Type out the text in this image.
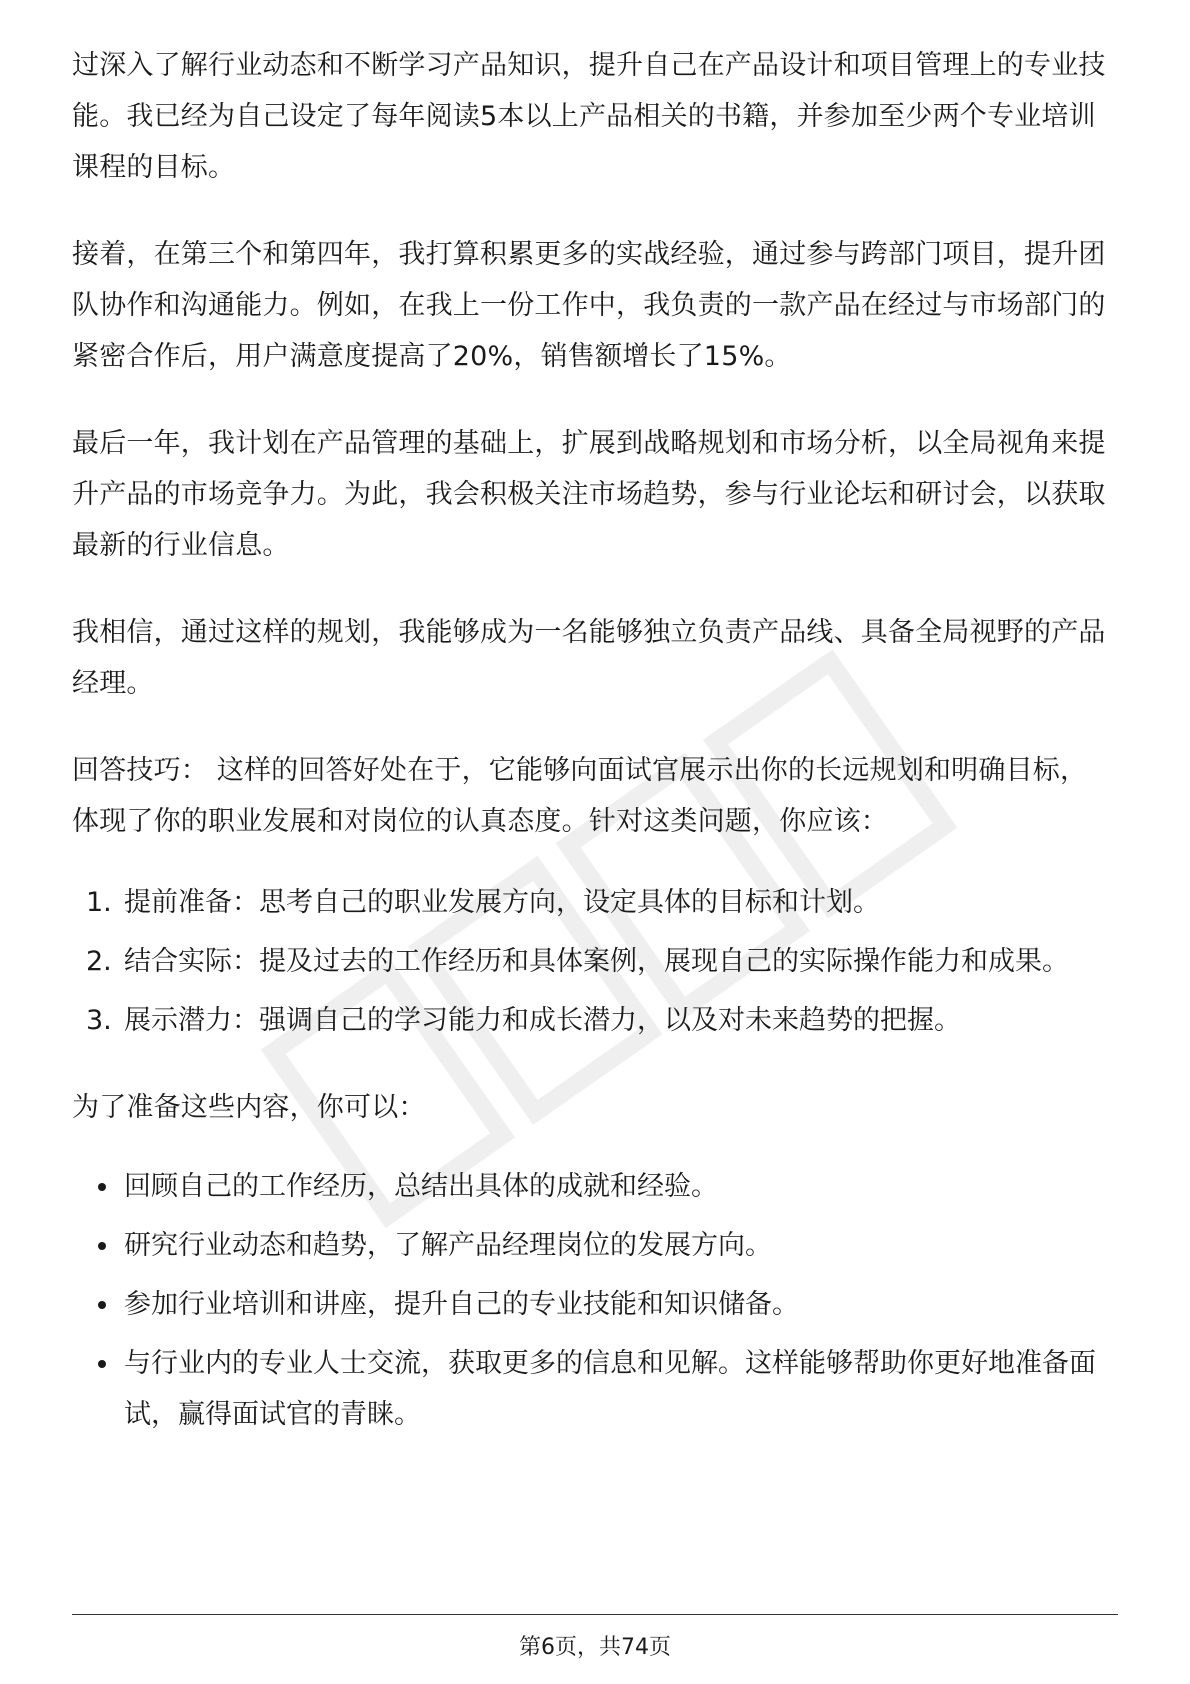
过深入了解行业动态和不断学习产品知识，提升自己在产品设计和项目管理上的专业技能。我已经为自己设定了每年阅读5本以上产品相关的书籍，并参加至少两个专业培训课程的目标。

接着，在第三个和第四年，我打算积累更多的实战经验，通过参与跨部门项目，提升团队协作和沟通能力。例如，在我上一份工作中，我负责的一款产品在经过与市场部门的紧密合作后，用户满意度提高了20%，销售额增长了15%。

最后一年，我计划在产品管理的基础上，扩展到战略规划和市场分析，以全局视角来提升产品的市场竞争力。为此，我会积极关注市场趋势，参与行业论坛和研讨会，以获取最新的行业信息。

我相信，通过这样的规划，我能够成为一名能够独立负责产品线、具备全局视野的产品经理。

回答技巧： 这样的回答好处在于，它能够向面试官展示出你的长远规划和明确目标，体现了你的职业发展和对岗位的认真态度。针对这类问题，你应该：

1. 提前准备：思考自己的职业发展方向，设定具体的目标和计划。
2. 结合实际：提及过去的工作经历和具体案例，展现自己的实际操作能力和成果。
3. 展示潜力：强调自己的学习能力和成长潜力，以及对未来趋势的把握。

为了准备这些内容，你可以：

回顾自己的工作经历，总结出具体的成就和经验。
研究行业动态和趋势，了解产品经理岗位的发展方向。
参加行业培训和讲座，提升自己的专业技能和知识储备。
与行业内的专业人士交流，获取更多的信息和见解。这样能够帮助你更好地准备面试，赢得面试官的青睐。
第6页，共74页
